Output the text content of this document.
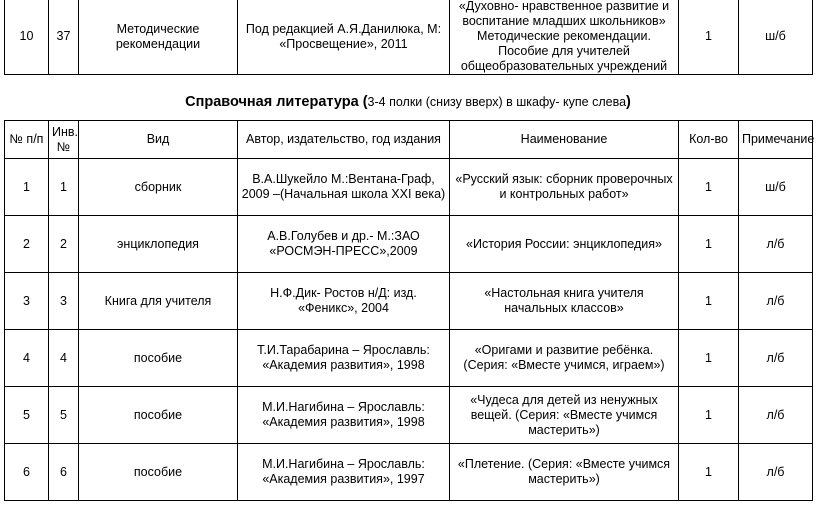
10	37	Методические рекомендации	Под редакцией А.Я.Данилюка, М: «Просвещение», 2011	«Духовно- нравственное развитие и воспитание младших школьников» Методические рекомендации. Пособие для учителей общеобразовательных учреждений	1	ш/б
Справочная литература (3-4 полки (снизу вверх) в шкафу- купе слева)
№ п/п	Инв. №	Вид	Автор, издательство, год издания	Наименование	Кол-во	Примечание
1	1	сборник	В.А.Шукейло М.:Вентана-Граф, 2009 –(Начальная школа XXI века)	«Русский язык: сборник проверочных и контрольных работ»	1	ш/б
2	2	энциклопедия	А.В.Голубев и др.- М.:ЗАО «РОСМЭН-ПРЕСС»,2009	«История России: энциклопедия»	1	л/б
3	3	Книга для учителя	Н.Ф.Дик- Ростов н/Д: изд. «Феникс», 2004	«Настольная книга учителя начальных классов»	1	л/б
4	4	пособие	Т.И.Тарабарина – Ярославль: «Академия развития», 1998	«Оригами и развитие ребёнка. (Серия: «Вместе учимся, играем»)	1	л/б
5	5	пособие	М.И.Нагибина – Ярославль: «Академия развития», 1998	«Чудеса для детей из ненужных вещей. (Серия: «Вместе учимся мастерить»)	1	л/б
6	6	пособие	М.И.Нагибина – Ярославль: «Академия развития», 1997	«Плетение. (Серия: «Вместе учимся мастерить»)	1	л/б
